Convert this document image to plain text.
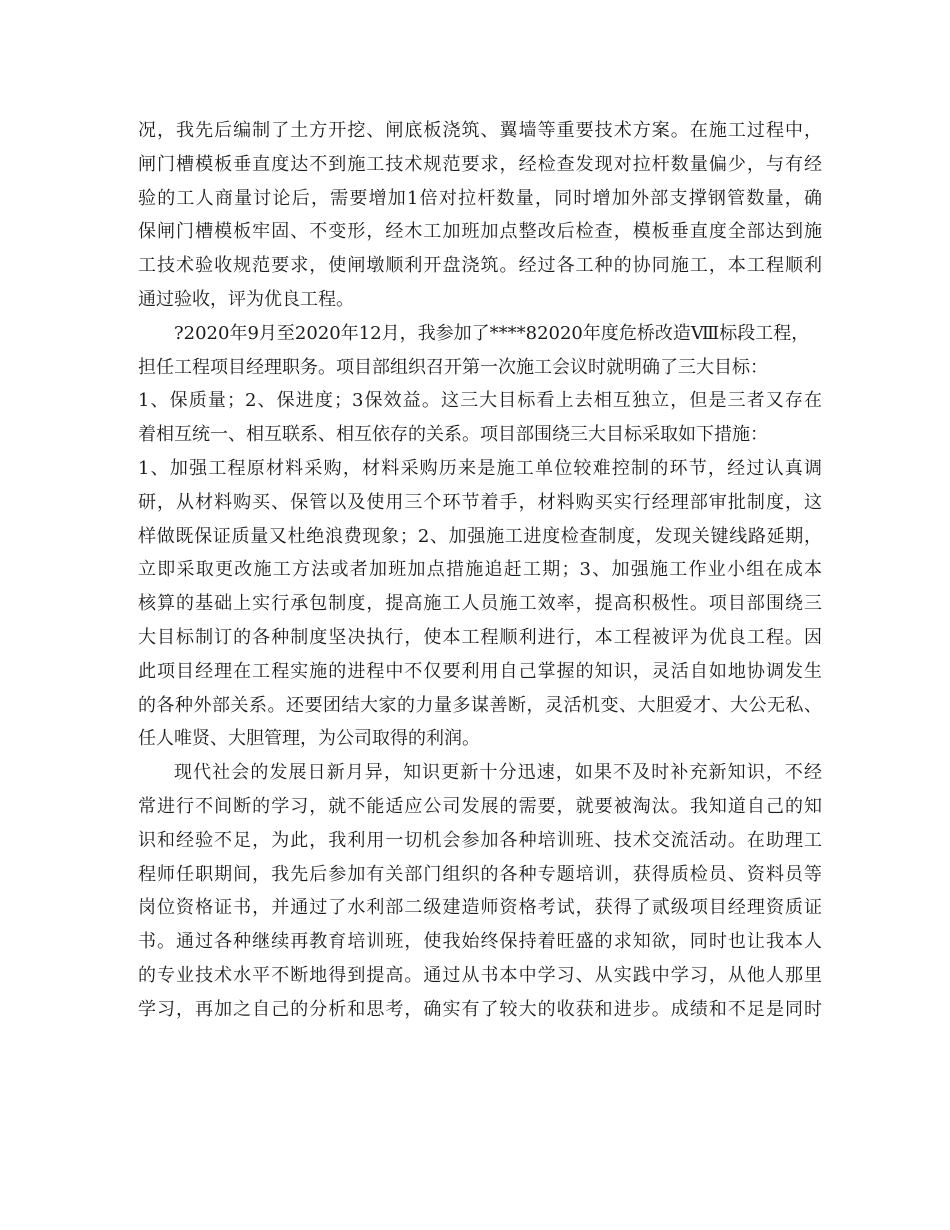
况，我先后编制了土方开挖、闸底板浇筑、翼墙等重要技术方案。在施工过程中，
闸门槽模板垂直度达不到施工技术规范要求，经检查发现对拉杆数量偏少，与有经
验的工人商量讨论后，需要增加1倍对拉杆数量，同时增加外部支撑钢管数量，确
保闸门槽模板牢固、不变形，经木工加班加点整改后检查，模板垂直度全部达到施
工技术验收规范要求，使闸墩顺利开盘浇筑。经过各工种的协同施工，本工程顺利
通过验收，评为优良工程。
?2020年9月至2020年12月，我参加了****82020年度危桥改造Ⅷ标段工程，
担任工程项目经理职务。项目部组织召开第一次施工会议时就明确了三大目标：
1、保质量；2、保进度；3保效益。这三大目标看上去相互独立，但是三者又存在
着相互统一、相互联系、相互依存的关系。项目部围绕三大目标采取如下措施：
1、加强工程原材料采购，材料采购历来是施工单位较难控制的环节，经过认真调
研，从材料购买、保管以及使用三个环节着手，材料购买实行经理部审批制度，这
样做既保证质量又杜绝浪费现象；2、加强施工进度检查制度，发现关键线路延期，
立即采取更改施工方法或者加班加点措施追赶工期；3、加强施工作业小组在成本
核算的基础上实行承包制度，提高施工人员施工效率，提高积极性。项目部围绕三
大目标制订的各种制度坚决执行，使本工程顺利进行，本工程被评为优良工程。因
此项目经理在工程实施的进程中不仅要利用自己掌握的知识，灵活自如地协调发生
的各种外部关系。还要团结大家的力量多谋善断，灵活机变、大胆爱才、大公无私、
任人唯贤、大胆管理，为公司取得的利润。
现代社会的发展日新月异，知识更新十分迅速，如果不及时补充新知识，不经
常进行不间断的学习，就不能适应公司发展的需要，就要被淘汰。我知道自己的知
识和经验不足，为此，我利用一切机会参加各种培训班、技术交流活动。在助理工
程师任职期间，我先后参加有关部门组织的各种专题培训，获得质检员、资料员等
岗位资格证书，并通过了水利部二级建造师资格考试，获得了贰级项目经理资质证
书。通过各种继续再教育培训班，使我始终保持着旺盛的求知欲，同时也让我本人
的专业技术水平不断地得到提高。通过从书本中学习、从实践中学习，从他人那里
学习，再加之自己的分析和思考，确实有了较大的收获和进步。成绩和不足是同时
